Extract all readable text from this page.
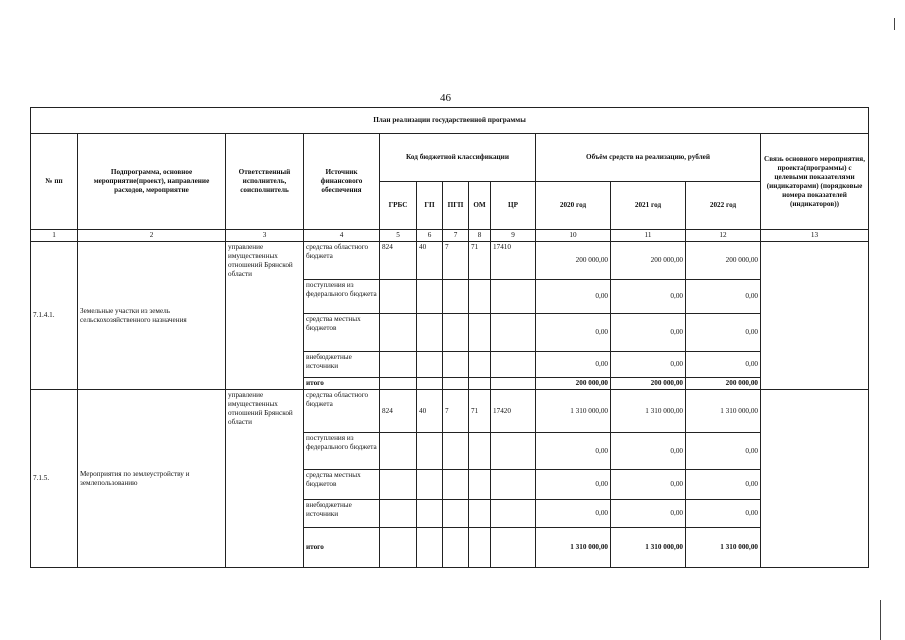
46
План реализации государственной программы												
№ пп	Подпрограмма, основное мероприятие(проект), направление расходов, мероприятие	Ответственный исполнитель, соисполнитель	Источник финансового обеспечения	Код бюджетной классификации					Объём средств на реализацию, рублей			Связь основного мероприятия, проекта(программы) с целевыми показателями (индикаторами) (порядковые номера показателей (индикаторов))
				ГРБС	ГП	ПГП	ОМ	ЦР	2020 год	2021 год	2022 год	
1	2	3	4	5	6	7	8	9	10	11	12	13
7.1.4.1.	Земельные участки из земель сельскохозяйственного назначения	управление имущественных отношений Брянской области	средства областного бюджета	824	40	7	71	17410	200 000,00	200 000,00	200 000,00	
			поступления из федерального бюджета						0,00	0,00	0,00	
			средства местных бюджетов						0,00	0,00	0,00	
			внебюджетные источники						0,00	0,00	0,00	
			итого						200 000,00	200 000,00	200 000,00	
7.1.5.	Мероприятия по землеустройству и землепользованию	управление имущественных отношений Брянской области	средства областного бюджета	824	40	7	71	17420	1 310 000,00	1 310 000,00	1 310 000,00	
			поступления из федерального бюджета						0,00	0,00	0,00	
			средства местных бюджетов						0,00	0,00	0,00	
			внебюджетные источники						0,00	0,00	0,00	
			итого						1 310 000,00	1 310 000,00	1 310 000,00	
